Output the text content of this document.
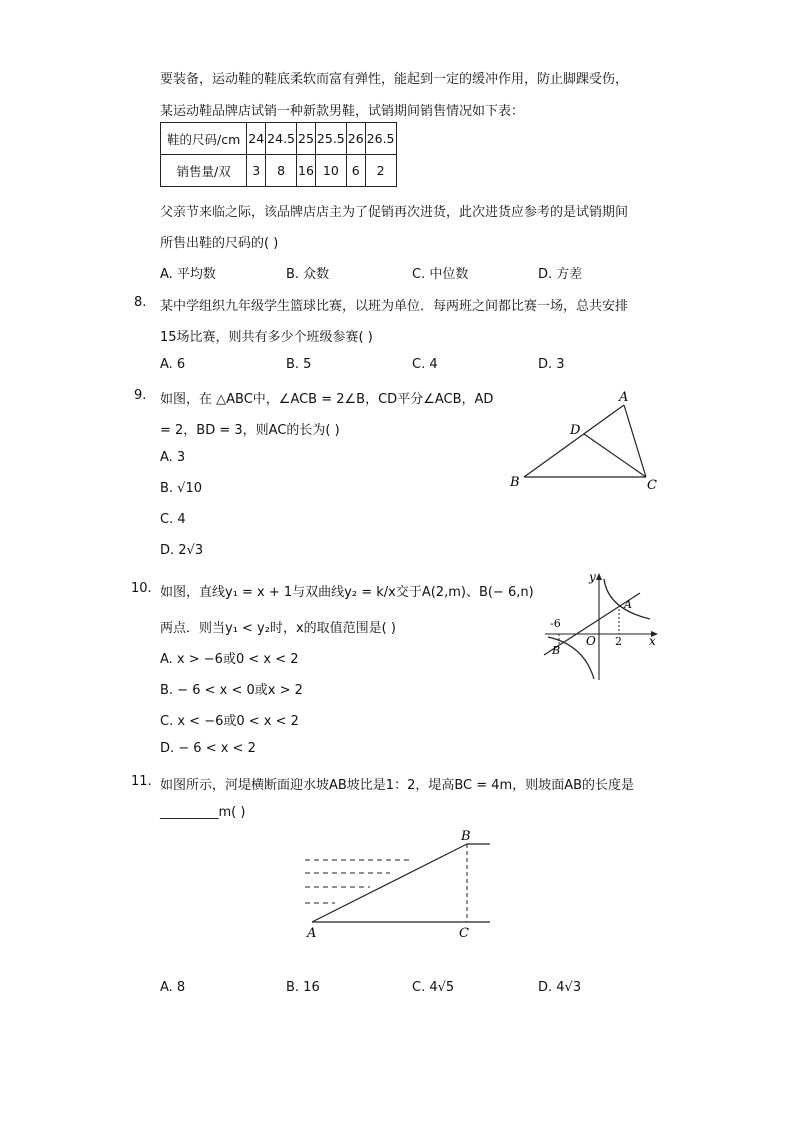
要装备，运动鞋的鞋底柔软而富有弹性，能起到一定的缓冲作用，防止脚踝受伤，
某运动鞋品牌店试销一种新款男鞋，试销期间销售情况如下表：
鞋的尺码/cm	24	24.5	25	25.5	26	26.5
销售量/双	3	8	16	10	6	2
父亲节来临之际，该品牌店店主为了促销再次进货，此次进货应参考的是试销期间
所售出鞋的尺码的( )
A. 平均数	B. 众数	C. 中位数	D. 方差
8. 某中学组织九年级学生篮球比赛，以班为单位．每两班之间都比赛一场，总共安排
15场比赛，则共有多少个班级参赛( )
A. 6	B. 5	C. 4	D. 3
9. 如图，在 △ABC中，∠ACB = 2∠B，CD平分∠ACB，AD
= 2，BD = 3，则AC的长为( )
A. 3
B. √10
C. 4
D. 2√3
A
B	C
D
10. 如图，直线y₁ = x + 1与双曲线y₂ = k/x交于A(2,m)、B(− 6,n)
两点．则当y₁ < y₂时，x的取值范围是( )
A. x > −6或0 < x < 2
B. − 6 < x < 0或x > 2
C. x < −6或0 < x < 2
D. − 6 < x < 2
y
x
O
A
B
-6
2
11. 如图所示，河堤横断面迎水坡AB坡比是1：2，堤高BC = 4m，则坡面AB的长度是
_________m( )
A
B
C
A. 8	B. 16	C. 4√5	D. 4√3
